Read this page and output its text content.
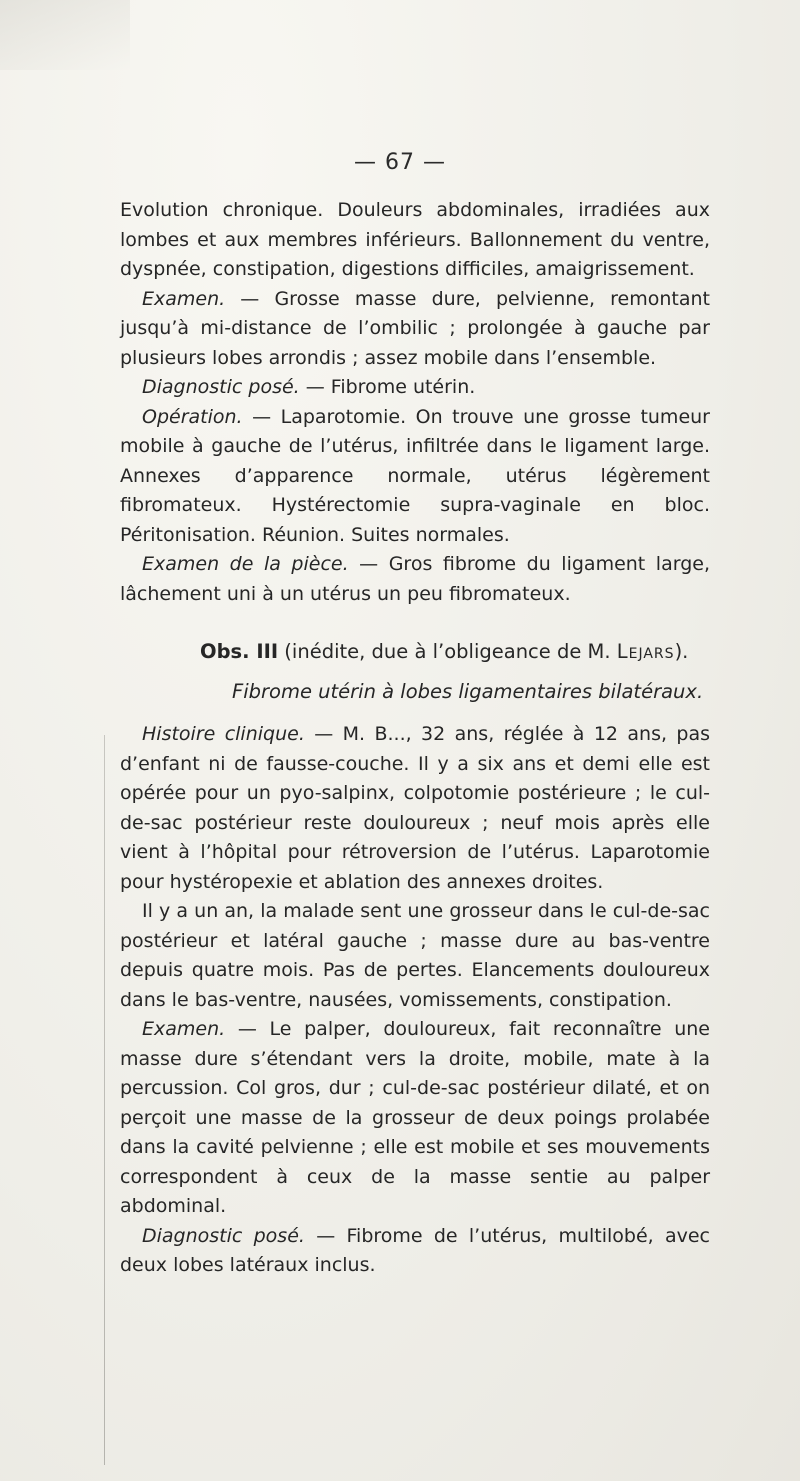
— 67 —

Evolution chronique. Douleurs abdominales, irradiées aux lombes et aux membres inférieurs. Ballonnement du ventre, dyspnée, constipation, digestions difficiles, amaigrissement.

Examen. — Grosse masse dure, pelvienne, remontant jusqu’à mi-distance de l’ombilic ; prolongée à gauche par plusieurs lobes arrondis ; assez mobile dans l’ensemble.

Diagnostic posé. — Fibrome utérin.

Opération. — Laparotomie. On trouve une grosse tumeur mobile à gauche de l’utérus, infiltrée dans le ligament large. Annexes d’apparence normale, utérus légèrement fibromateux. Hystérectomie supra-vaginale en bloc. Péritonisation. Réunion. Suites normales.

Examen de la pièce. — Gros fibrome du ligament large, lâchement uni à un utérus un peu fibromateux.

Obs. III (inédite, due à l’obligeance de M. Lejars).
Fibrome utérin à lobes ligamentaires bilatéraux.

Histoire clinique. — M. B..., 32 ans, réglée à 12 ans, pas d’enfant ni de fausse-couche. Il y a six ans et demi elle est opérée pour un pyo-salpinx, colpotomie postérieure ; le cul-de-sac postérieur reste douloureux ; neuf mois après elle vient à l’hôpital pour rétroversion de l’utérus. Laparotomie pour hystéropexie et ablation des annexes droites.

Il y a un an, la malade sent une grosseur dans le cul-de-sac postérieur et latéral gauche ; masse dure au bas-ventre depuis quatre mois. Pas de pertes. Elancements douloureux dans le bas-ventre, nausées, vomissements, constipation.

Examen. — Le palper, douloureux, fait reconnaître une masse dure s’étendant vers la droite, mobile, mate à la percussion. Col gros, dur ; cul-de-sac postérieur dilaté, et on perçoit une masse de la grosseur de deux poings prolabée dans la cavité pelvienne ; elle est mobile et ses mouvements correspondent à ceux de la masse sentie au palper abdominal.

Diagnostic posé. — Fibrome de l’utérus, multilobé, avec deux lobes latéraux inclus.
